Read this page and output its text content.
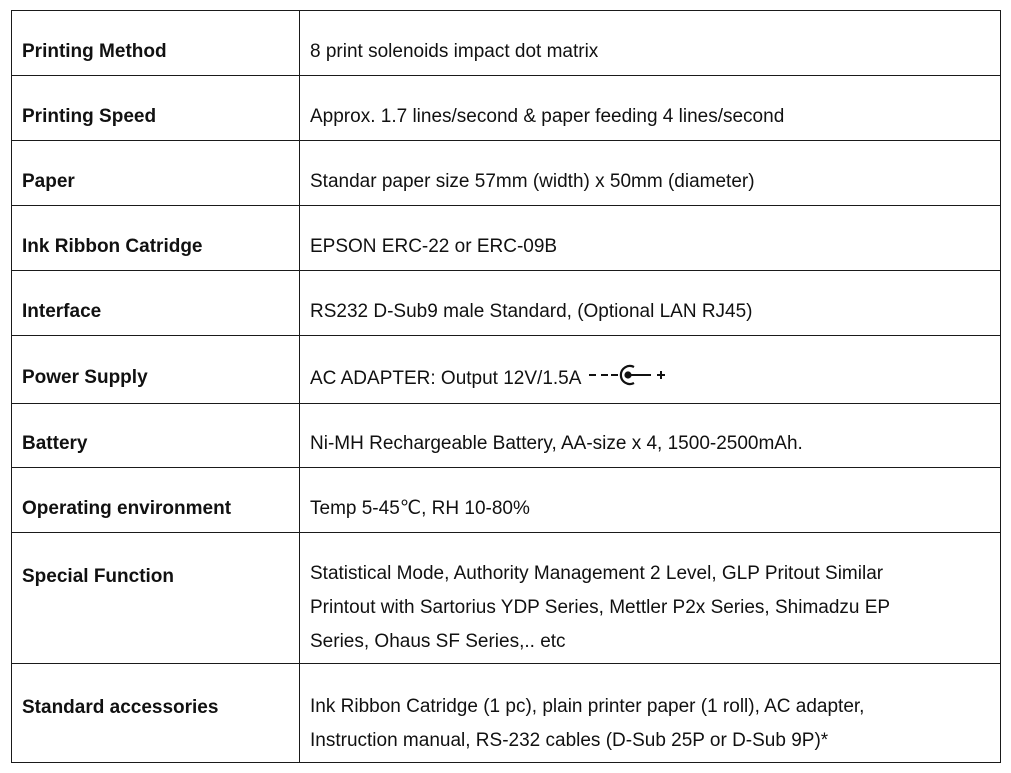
Printing Method	8 print solenoids impact dot matrix

Printing Speed	Approx. 1.7 lines/second & paper feeding 4 lines/second

Paper	Standar paper size 57mm (width) x 50mm (diameter)

Ink Ribbon Catridge	EPSON ERC-22 or ERC-09B

Interface	RS232 D-Sub9 male Standard, (Optional LAN RJ45)

Power Supply	AC ADAPTER: Output 12V/1.5A

Battery	Ni-MH Rechargeable Battery, AA-size x 4, 1500-2500mAh.

Operating environment	Temp 5-45℃, RH 10-80%

Special Function	Statistical Mode, Authority Management 2 Level, GLP Pritout Similar
Printout with Sartorius YDP Series, Mettler P2x Series, Shimadzu EP
Series, Ohaus SF Series,.. etc

Standard accessories	Ink Ribbon Catridge (1 pc), plain printer paper (1 roll), AC adapter,
Instruction manual, RS-232 cables (D-Sub 25P or D-Sub 9P)*
